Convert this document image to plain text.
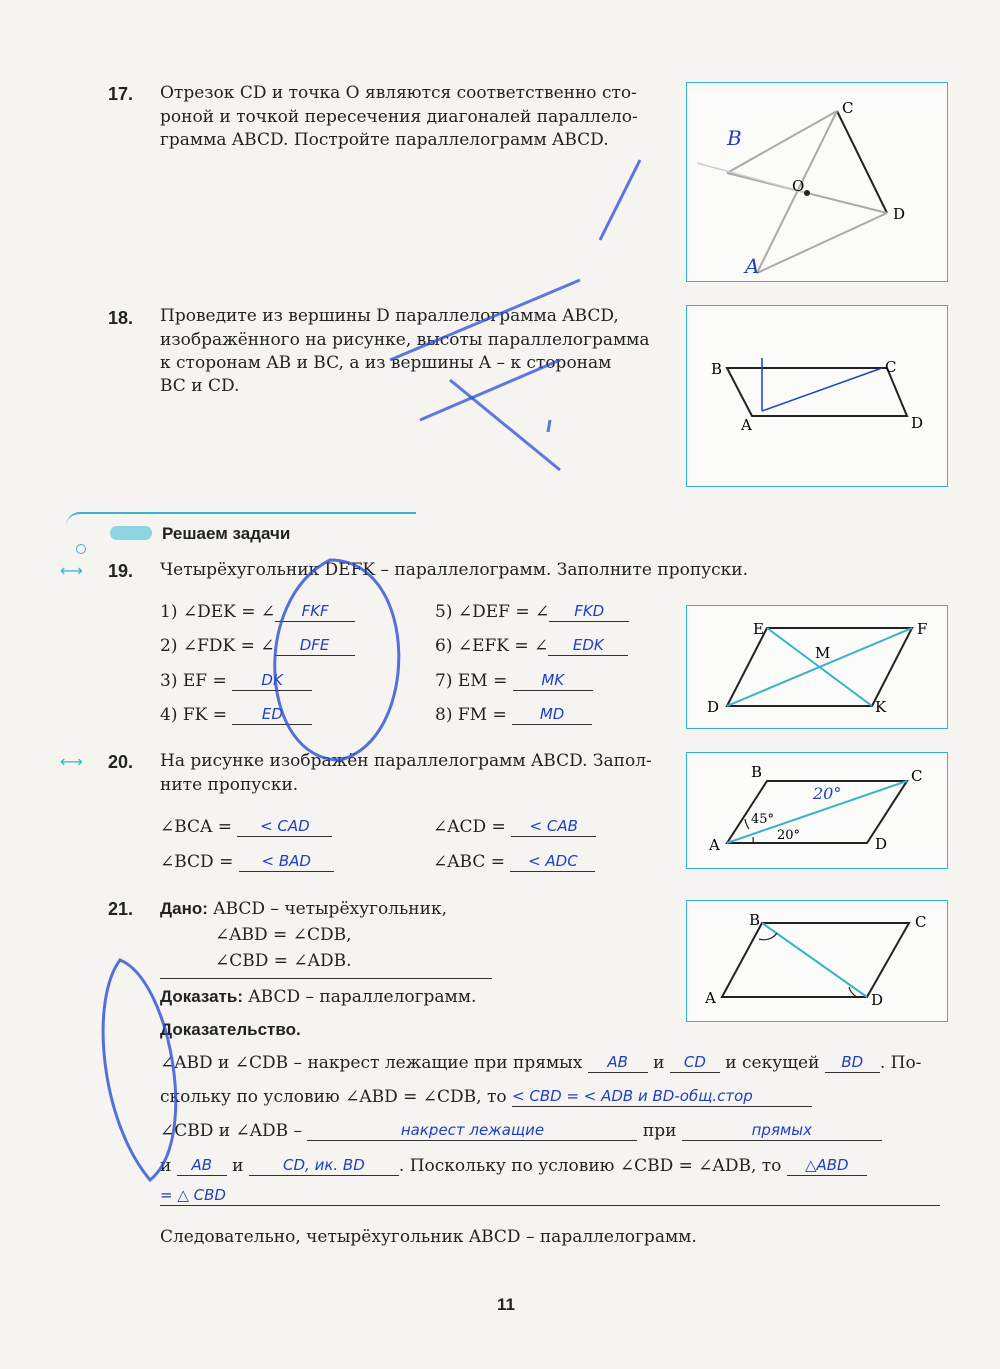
17. Отрезок CD и точка O являются соответственно сто-
роной и точкой пересечения диагоналей параллело-
грамма ABCD. Постройте параллелограмм ABCD.
C
O
D
B
A
18. Проведите из вершины D параллелограмма ABCD,
изображённого на рисунке, высоты параллелограмма
к сторонам AB и BC, а из вершины A – к сторонам
BC и CD.
B	C
A	D
Решаем задачи
⟷ 19. Четырёхугольник DEFK – параллелограмм. Заполните пропуски.
1) ∠DEK = ∠ FKF
2) ∠FDK = ∠ DFE
3) EF = DK
4) FK = ED
5) ∠DEF = ∠ FKD
6) ∠EFK = ∠ EDK
7) EM = MK
8) FM = MD
E	F
M
D	K
⟷ 20. На рисунке изображён параллелограмм ABCD. Запол-
ните пропуски.
∠BCA = < CAD
∠BCD = < BAD
∠ACD = < CAB
∠ABC = < ADC
B	C
A	D
45°
20°
20°
21. Дано: ABCD – четырёхугольник,
∠ABD = ∠CDB,
∠CBD = ∠ADB.
Доказать: ABCD – параллелограмм.
Доказательство.
∠ABD и ∠CDB – накрест лежащие при прямых AB и CD и секущей BD . По-
скольку по условию ∠ABD = ∠CDB, то < CBD = < ADB и BD-общ.стор
∠CBD и ∠ADB –	накрест лежащие	при	прямых
и AB и	CD, ик. BD . Поскольку по условию ∠CBD = ∠ADB, то △ABD
= △ CBD
Следовательно, четырёхугольник ABCD – параллелограмм.
B	C
A	D
11
